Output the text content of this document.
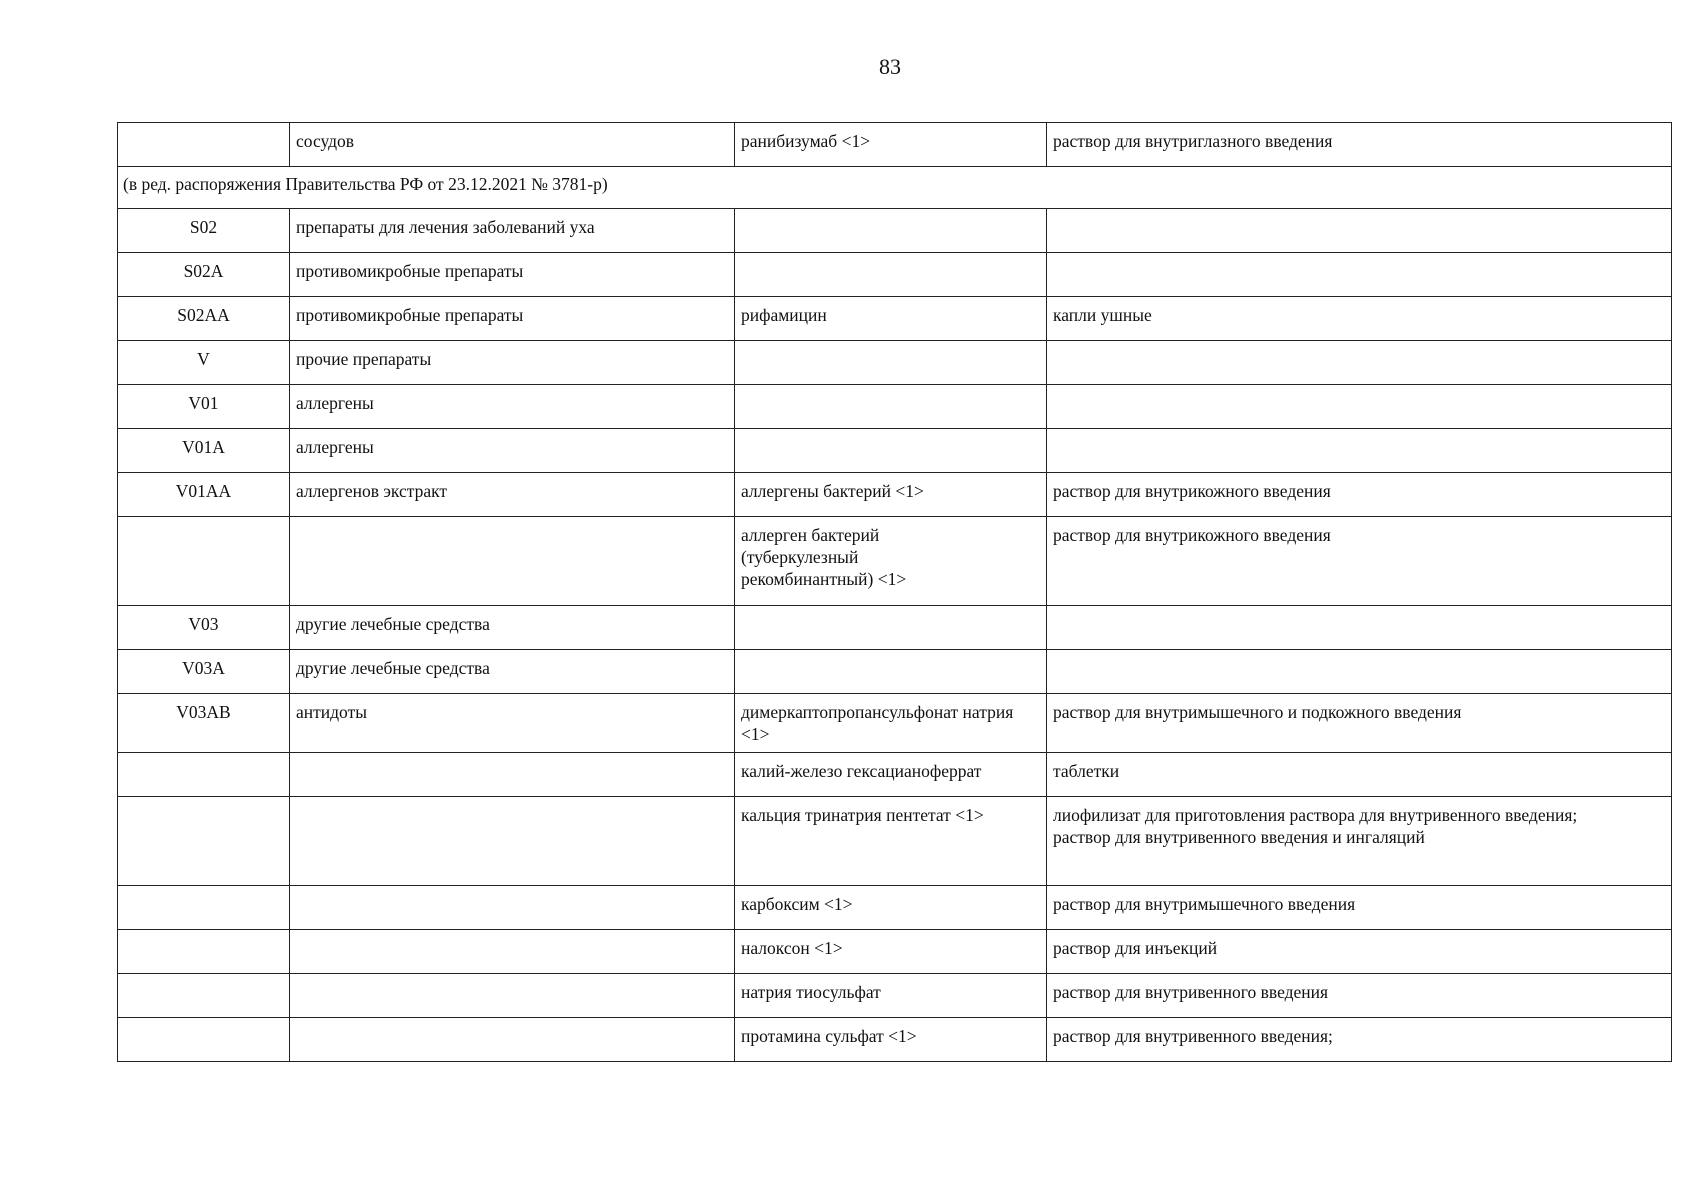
83
	сосудов	ранибизумаб <1>	раствор для внутриглазного введения
(в ред. распоряжения Правительства РФ от 23.12.2021 № 3781-р)			
S02	препараты для лечения заболеваний уха		
S02A	противомикробные препараты		
S02AA	противомикробные препараты	рифамицин	капли ушные
V	прочие препараты		
V01	аллергены		
V01A	аллергены		
V01AA	аллергенов экстракт	аллергены бактерий <1>	раствор для внутрикожного введения
		аллерген бактерий (туберкулезный рекомбинантный) <1>	раствор для внутрикожного введения
V03	другие лечебные средства		
V03A	другие лечебные средства		
V03AB	антидоты	димеркаптопропансульфонат натрия <1>	раствор для внутримышечного и подкожного введения
		калий-железо гексацианоферрат	таблетки
		кальция тринатрия пентетат <1>	лиофилизат для приготовления раствора для внутривенного введения;
раствор для внутривенного введения и ингаляций

		карбоксим <1>	раствор для внутримышечного введения
		налоксон <1>	раствор для инъекций
		натрия тиосульфат	раствор для внутривенного введения
		протамина сульфат <1>	раствор для внутривенного введения;
